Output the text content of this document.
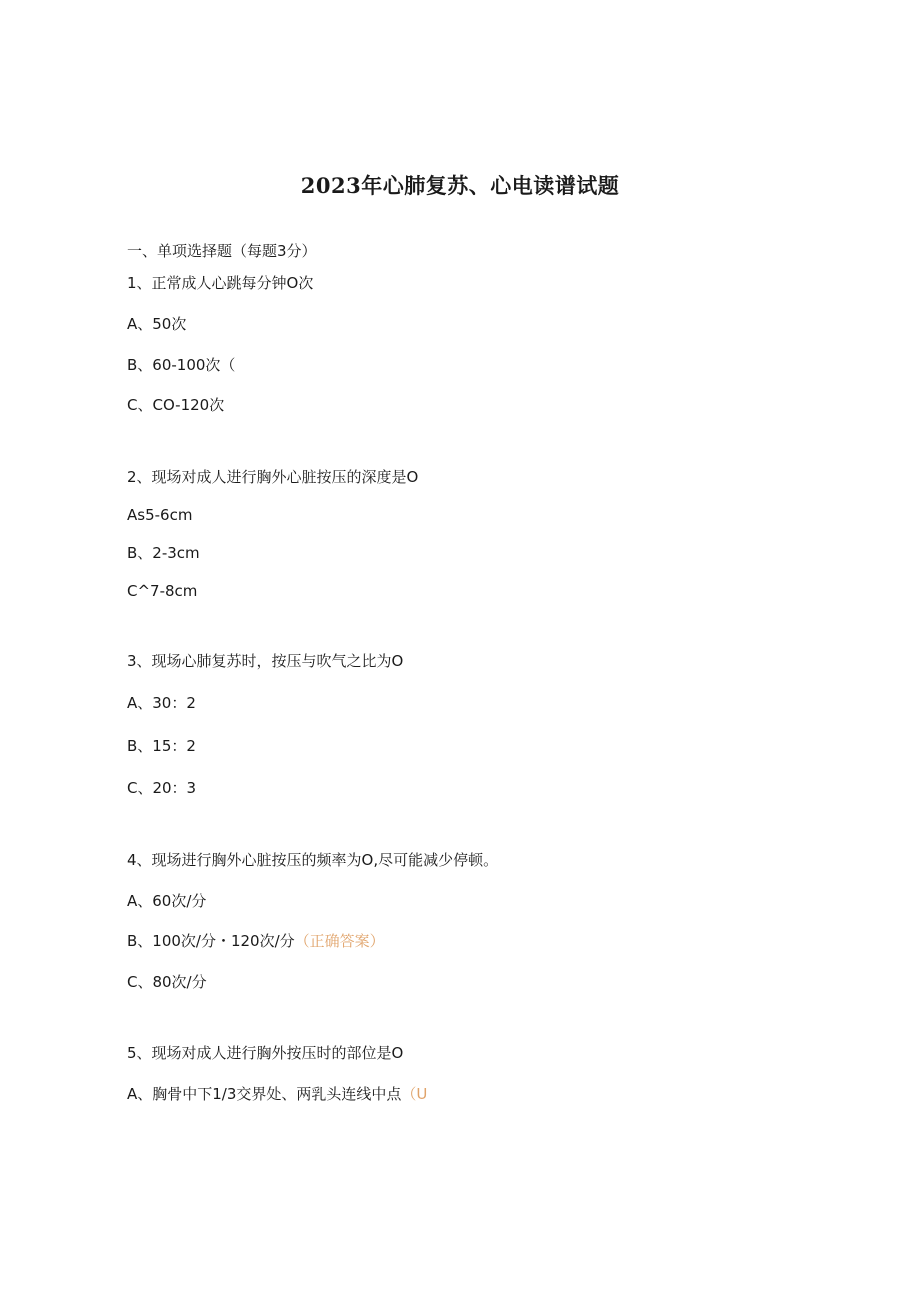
2023年心肺复苏、心电读谱试题
一、单项选择题（每题3分）
1、正常成人心跳每分钟O次
A、50次
B、60-100次（
C、CO-120次
2、现场对成人进行胸外心脏按压的深度是O
As5-6cm
B、2-3cm
C^7-8cm
3、现场心肺复苏时，按压与吹气之比为O
A、30：2
B、15：2
C、20：3
4、现场进行胸外心脏按压的频率为O,尽可能减少停顿。
A、60次/分
B、100次/分・120次/分（正确答案）
C、80次/分
5、现场对成人进行胸外按压时的部位是O
A、胸骨中下1/3交界处、两乳头连线中点（U
